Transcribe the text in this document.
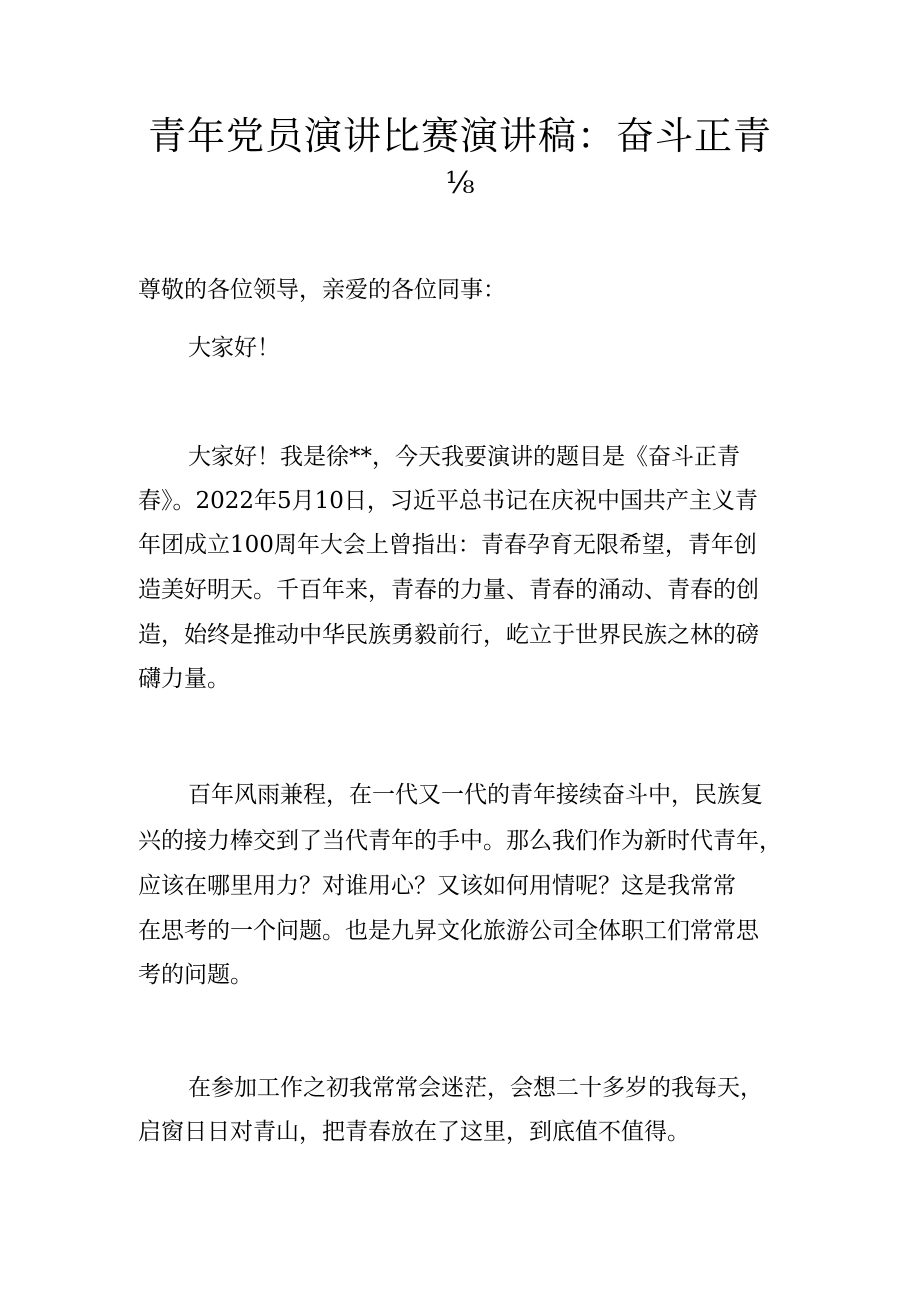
青年党员演讲比赛演讲稿：奋斗正青
⅛
尊敬的各位领导，亲爱的各位同事：
大家好！
大家好！我是徐**，今天我要演讲的题目是《奋斗正青
春》。2022年5月10日，习近平总书记在庆祝中国共产主义青
年团成立100周年大会上曾指出：青春孕育无限希望，青年创
造美好明天。千百年来，青春的力量、青春的涌动、青春的创
造，始终是推动中华民族勇毅前行，屹立于世界民族之林的磅
礴力量。
百年风雨兼程，在一代又一代的青年接续奋斗中，民族复
兴的接力棒交到了当代青年的手中。那么我们作为新时代青年，
应该在哪里用力？对谁用心？又该如何用情呢？这是我常常
在思考的一个问题。也是九昇文化旅游公司全体职工们常常思
考的问题。
在参加工作之初我常常会迷茫，会想二十多岁的我每天，
启窗日日对青山，把青春放在了这里，到底值不值得。
